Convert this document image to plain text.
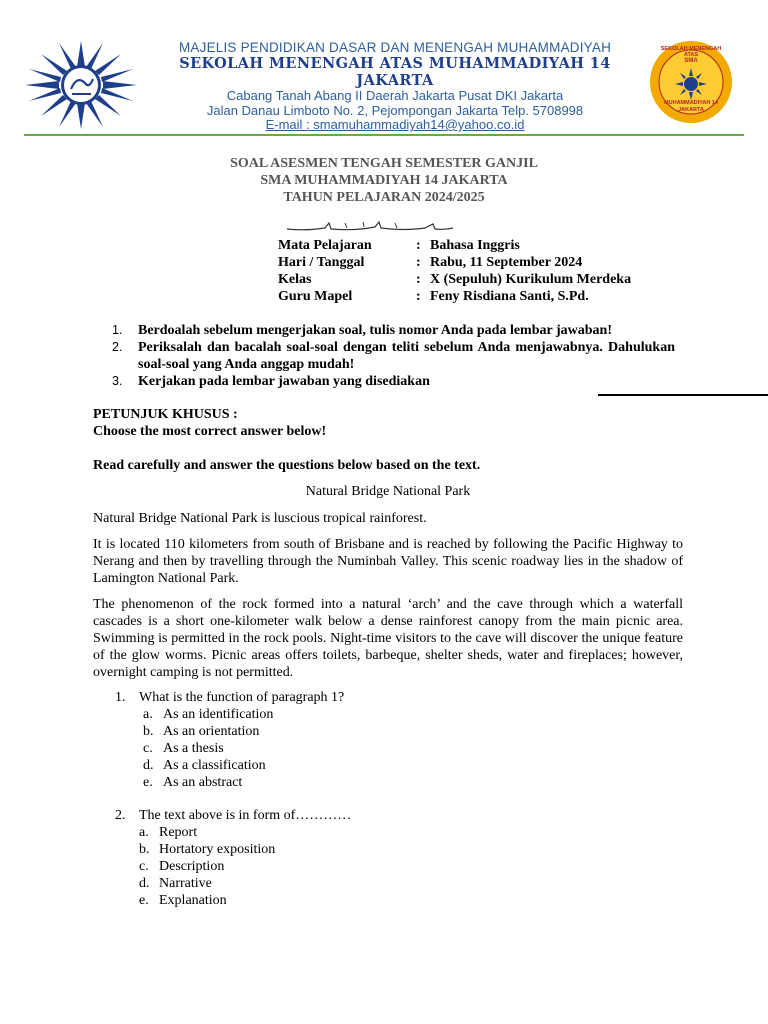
SEKOLAH MENENGAH ATAS
SMA
MUHAMMADIYAH 14
JAKARTA
MAJELIS PENDIDIKAN DASAR DAN MENENGAH MUHAMMADIYAH
SEKOLAH MENENGAH ATAS MUHAMMADIYAH 14
JAKARTA
Cabang Tanah Abang II Daerah Jakarta Pusat DKI Jakarta
Jalan Danau Limboto No. 2, Pejompongan Jakarta Telp. 5708998
E-mail : smamuhammadiyah14@yahoo.co.id
SOAL ASESMEN TENGAH SEMESTER GANJIL
SMA MUHAMMADIYAH 14 JAKARTA
TAHUN PELAJARAN 2024/2025
Mata Pelajaran	: Bahasa Inggris
Hari / Tanggal	: Rabu, 11 September 2024
Kelas	: X (Sepuluh) Kurikulum Merdeka
Guru Mapel	: Feny Risdiana Santi, S.Pd.
1.	Berdoalah sebelum mengerjakan soal, tulis nomor Anda pada lembar jawaban!
2.	Periksalah dan bacalah soal-soal dengan teliti sebelum Anda menjawabnya. Dahulukan soal-soal yang Anda anggap mudah!
3.	Kerjakan pada lembar jawaban yang disediakan
PETUNJUK KHUSUS :
Choose the most correct answer below!
Read carefully and answer the questions below based on the text.
Natural Bridge National Park
Natural Bridge National Park is luscious tropical rainforest.
It is located 110 kilometers from south of Brisbane and is reached by following the Pacific Highway to Nerang and then by travelling through the Numinbah Valley. This scenic roadway lies in the shadow of Lamington National Park.
The phenomenon of the rock formed into a natural ‘arch’ and the cave through which a waterfall cascades is a short one-kilometer walk below a dense rainforest canopy from the main picnic area. Swimming is permitted in the rock pools. Night-time visitors to the cave will discover the unique feature of the glow worms. Picnic areas offers toilets, barbeque, shelter sheds, water and fireplaces; however, overnight camping is not permitted.
1. What is the function of paragraph 1?
a. As an identification
b. As an orientation
c. As a thesis
d. As a classification
e. As an abstract
2. The text above is in form of…………
a. Report
b. Hortatory exposition
c. Description
d. Narrative
e. Explanation
